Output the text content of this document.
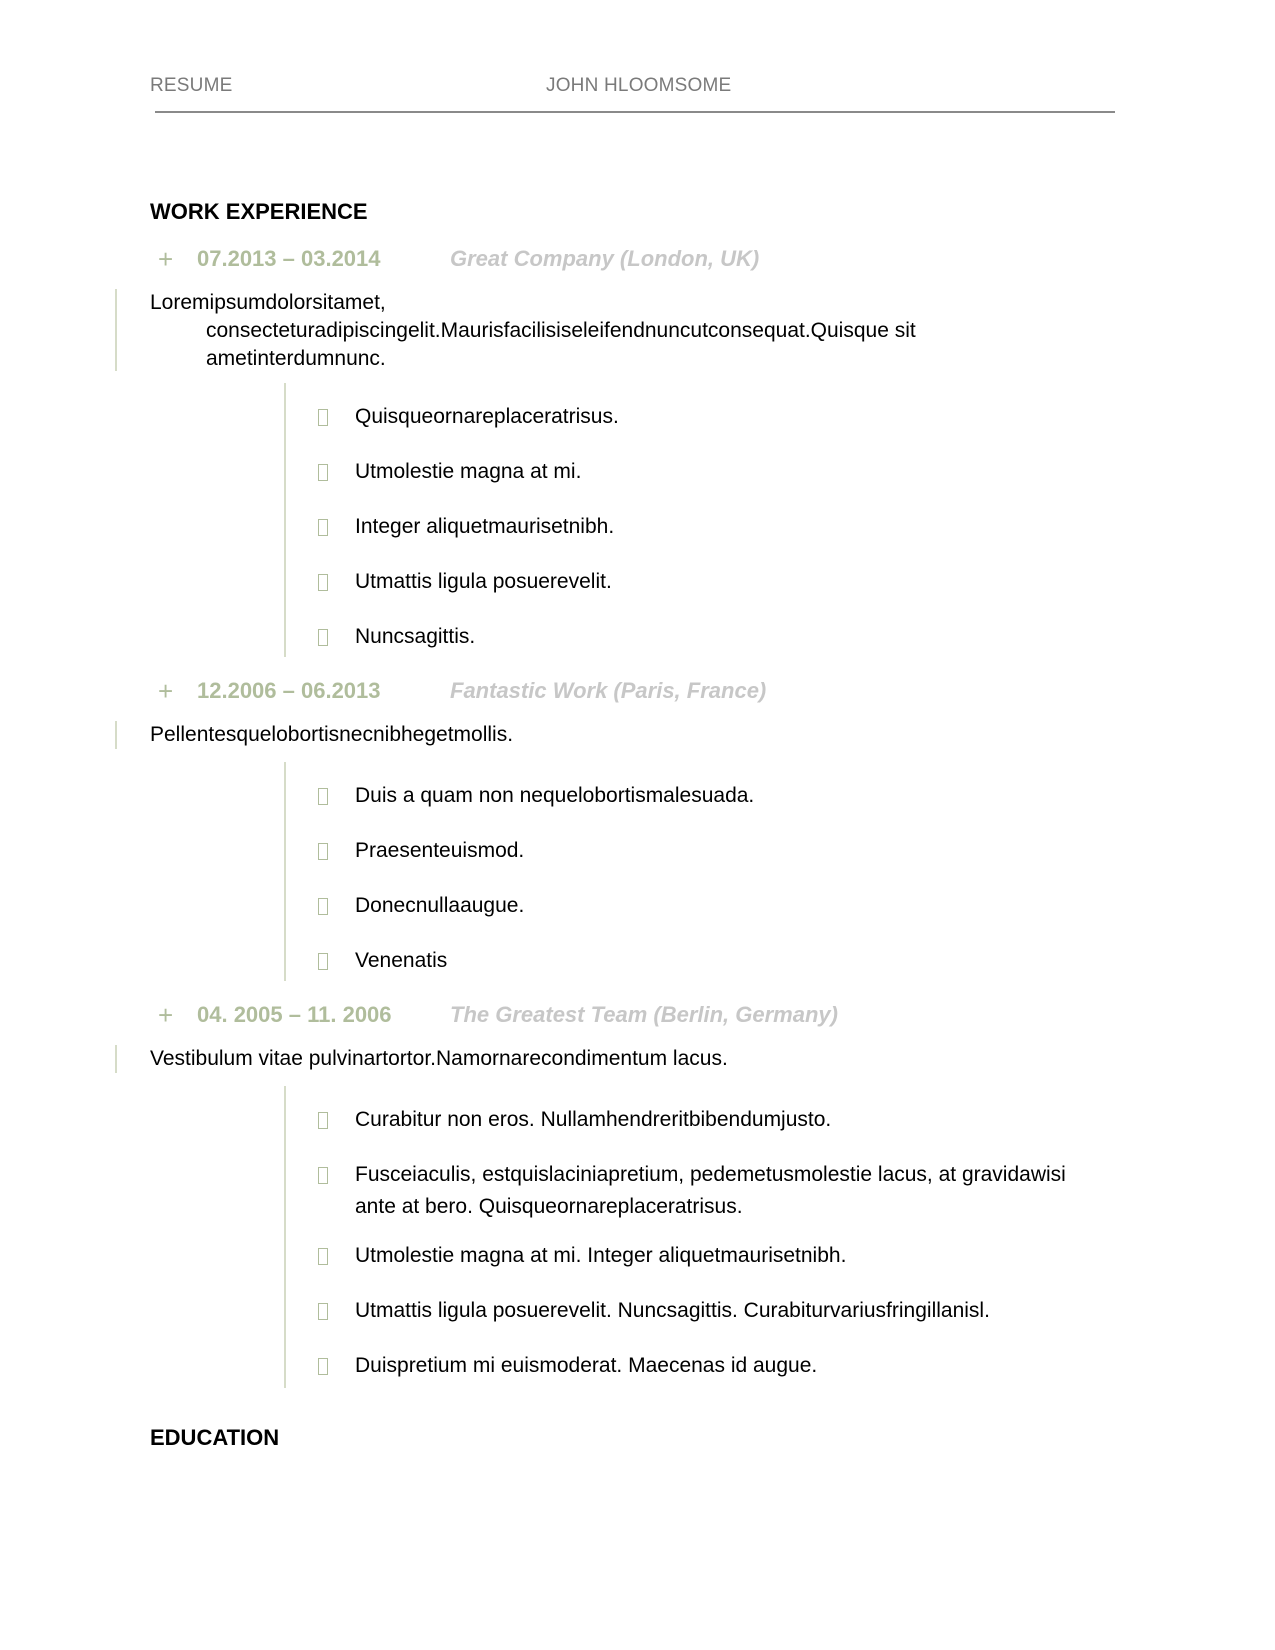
RESUME	JOHN HLOOMSOME
WORK EXPERIENCE
+ 07.2013 – 03.2014	Great Company (London, UK)
Loremipsumdolorsitamet,
consecteturadipiscingelit.Maurisfacilisiseleifendnuncutconsequat.Quisque sit ametinterdumnunc.
Quisqueornareplaceratrisus.
Utmolestie magna at mi.
Integer aliquetmaurisetnibh.
Utmattis ligula posuerevelit.
Nuncsagittis.
+ 12.2006 – 06.2013	Fantastic Work (Paris, France)
Pellentesquelobortisnecnibhegetmollis.
Duis a quam non nequelobortismalesuada.
Praesenteuismod.
Donecnullaaugue.
Venenatis
+ 04. 2005 – 11. 2006	The Greatest Team (Berlin, Germany)
Vestibulum vitae pulvinartortor.Namornarecondimentum lacus.
Curabitur non eros. Nullamhendreritbibendumjusto.
Fusceiaculis, estquislaciniapretium, pedemetusmolestie lacus, at gravidawisi ante at bero. Quisqueornareplaceratrisus.
Utmolestie magna at mi. Integer aliquetmaurisetnibh.
Utmattis ligula posuerevelit. Nuncsagittis. Curabiturvariusfringillanisl.
Duispretium mi euismoderat. Maecenas id augue.
EDUCATION
